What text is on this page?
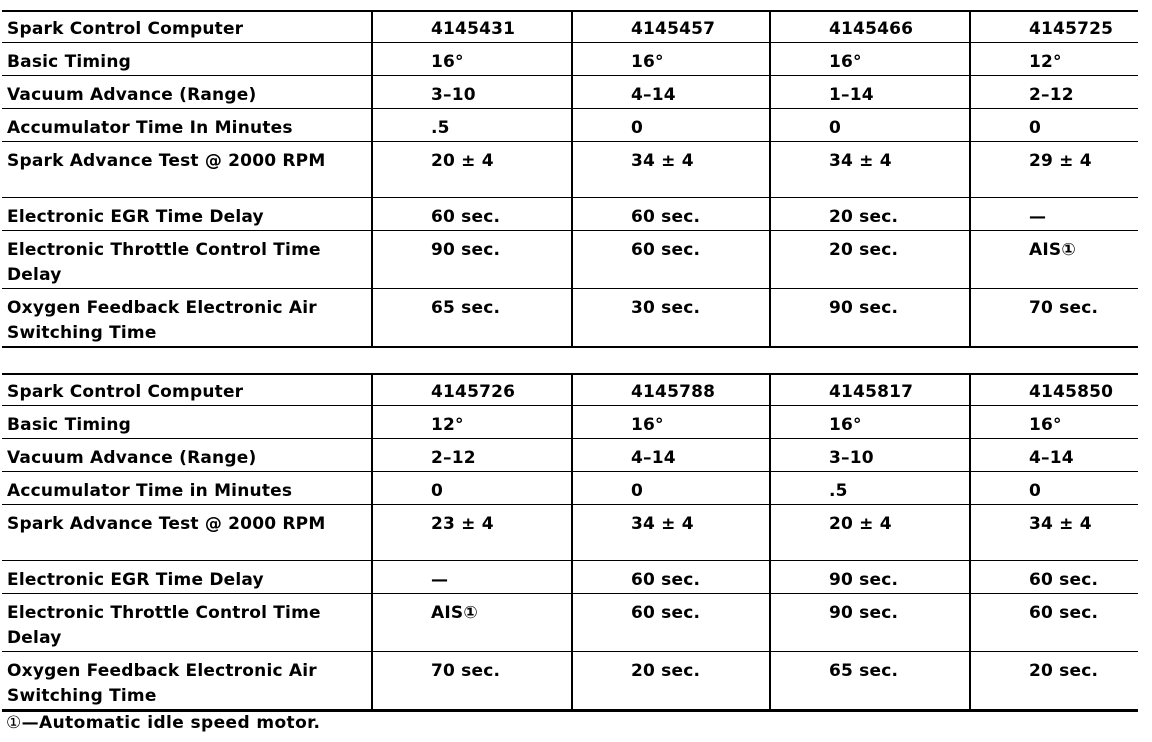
Spark Control Computer	4145431	4145457	4145466	4145725
Basic Timing	16°	16°	16°	12°
Vacuum Advance (Range)	3–10	4–14	1–14	2–12
Accumulator Time In Minutes	.5	0	0	0
Spark Advance Test @ 2000 RPM	20 ± 4	34 ± 4	34 ± 4	29 ± 4
Electronic EGR Time Delay	60 sec.	60 sec.	20 sec.	—
Electronic Throttle Control Time Delay	90 sec.	60 sec.	20 sec.	AIS①
Oxygen Feedback Electronic Air Switching Time	65 sec.	30 sec.	90 sec.	70 sec.
Spark Control Computer	4145726	4145788	4145817	4145850
Basic Timing	12°	16°	16°	16°
Vacuum Advance (Range)	2–12	4–14	3–10	4–14
Accumulator Time in Minutes	0	0	.5	0
Spark Advance Test @ 2000 RPM	23 ± 4	34 ± 4	20 ± 4	34 ± 4
Electronic EGR Time Delay	—	60 sec.	90 sec.	60 sec.
Electronic Throttle Control Time Delay	AIS①	60 sec.	90 sec.	60 sec.
Oxygen Feedback Electronic Air Switching Time	70 sec.	20 sec.	65 sec.	20 sec.
①—Automatic idle speed motor.
